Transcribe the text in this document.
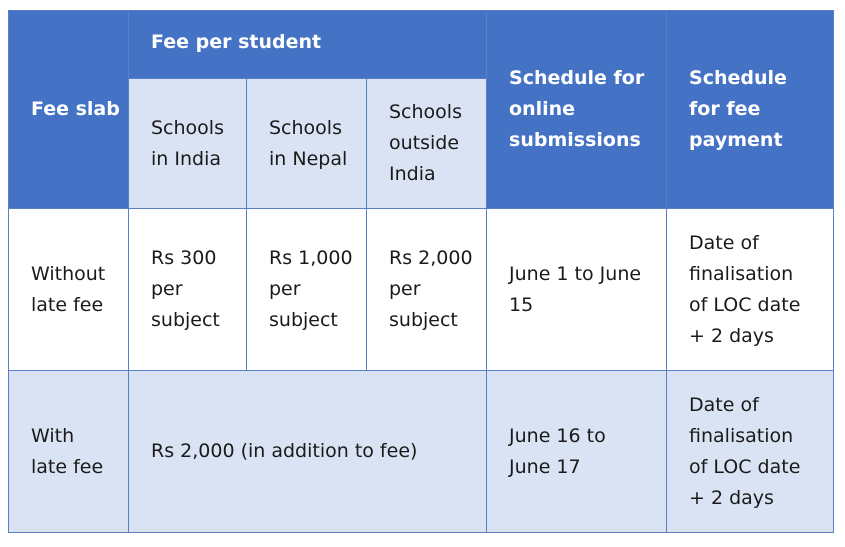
Fee slab	Fee per student			Schedule for
online
submissions	Schedule
for fee
payment

	Schools
in India	Schools
in Nepal	Schools
outside
India		

Without
late fee	Rs 300
per
subject	Rs 1,000
per
subject	Rs 2,000
per
subject	June 1 to June
15	Date of
finalisation
of LOC date
+ 2 days

With
late fee	Rs 2,000 (in addition to fee)			June 16 to
June 17	Date of
finalisation
of LOC date
+ 2 days
